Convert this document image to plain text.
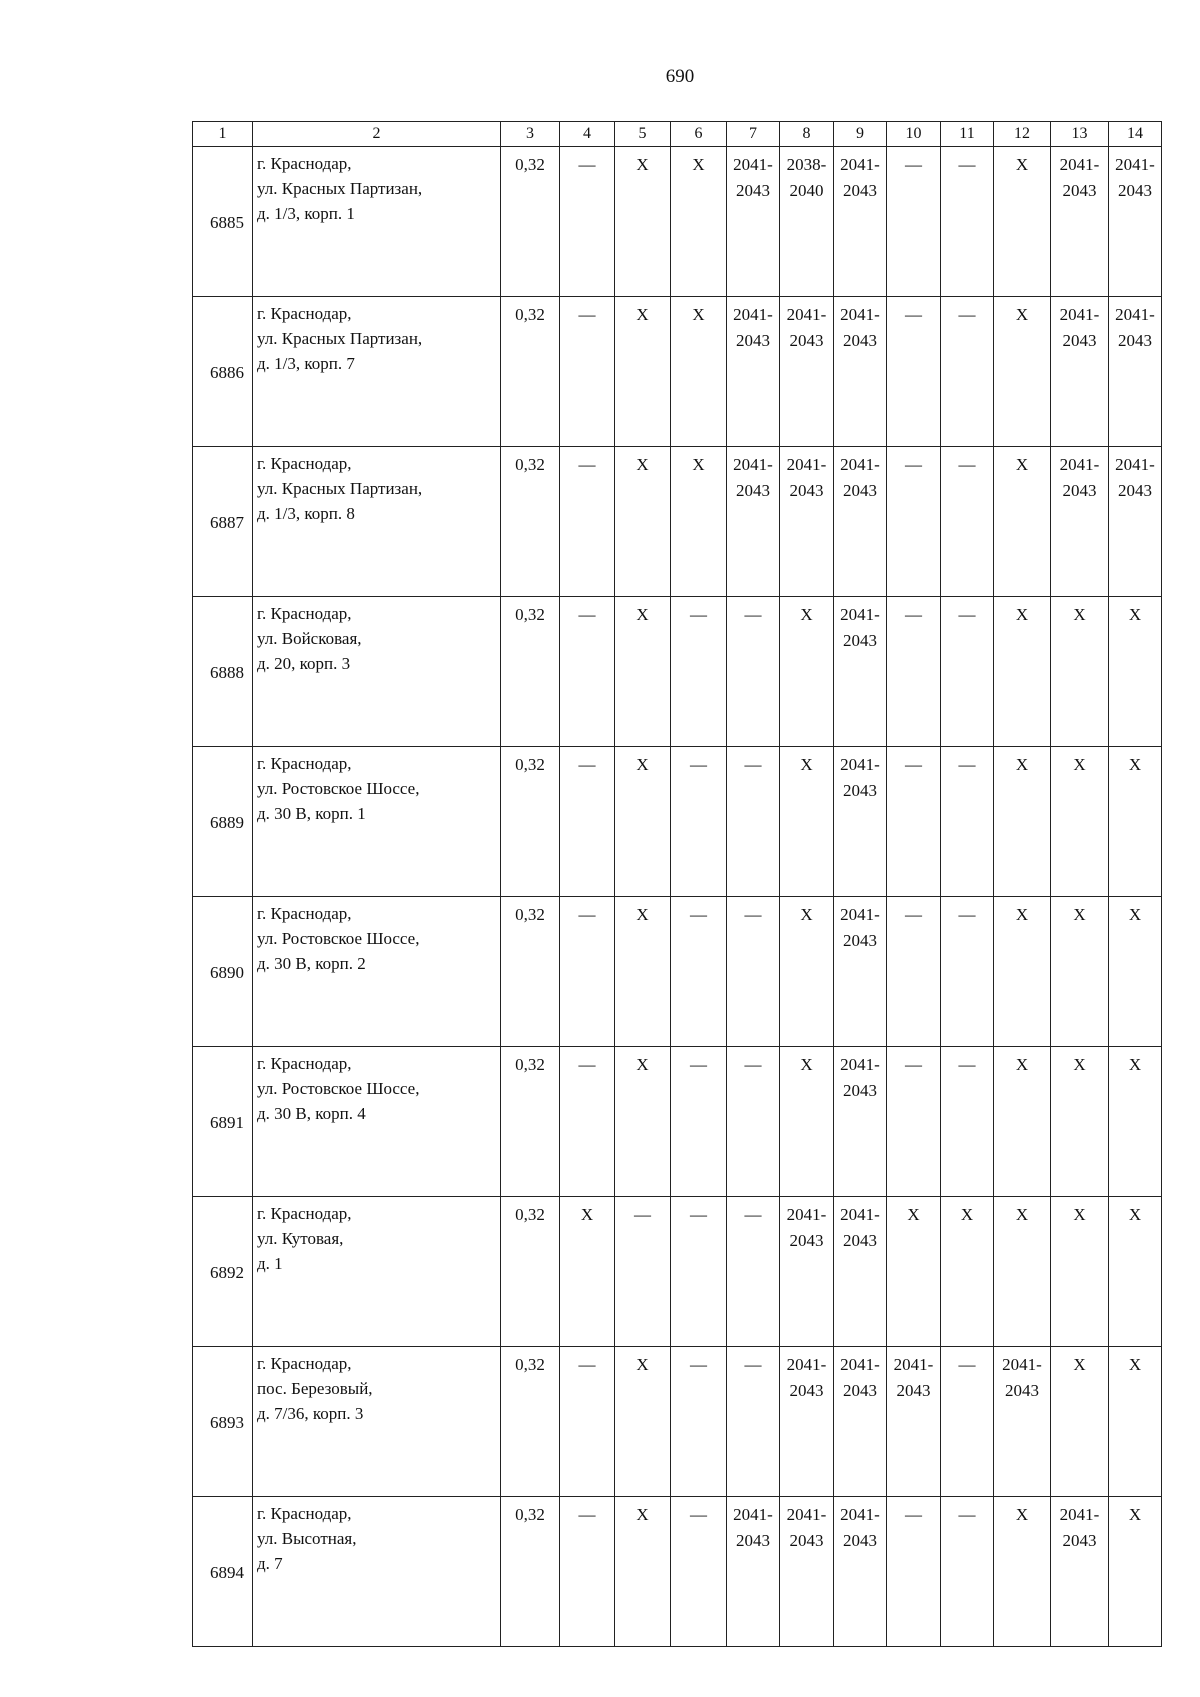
690
1	2	3	4	5	6	7	8	9	10	11	12	13	14

6885	г. Краснодар,
ул. Красных Партизан,
д. 1/3, корп. 1	0,32	—	X	X	2041-
2043	2038-
2040	2041-
2043	—	—	X	2041-
2043	2041-
2043

6886	г. Краснодар,
ул. Красных Партизан,
д. 1/3, корп. 7	0,32	—	X	X	2041-
2043	2041-
2043	2041-
2043	—	—	X	2041-
2043	2041-
2043

6887	г. Краснодар,
ул. Красных Партизан,
д. 1/3, корп. 8	0,32	—	X	X	2041-
2043	2041-
2043	2041-
2043	—	—	X	2041-
2043	2041-
2043

6888	г. Краснодар,
ул. Войсковая,
д. 20, корп. 3	0,32	—	X	—	—	X	2041-
2043	—	—	X	X	X

6889	г. Краснодар,
ул. Ростовское Шоссе,
д. 30 В, корп. 1	0,32	—	X	—	—	X	2041-
2043	—	—	X	X	X

6890	г. Краснодар,
ул. Ростовское Шоссе,
д. 30 В, корп. 2	0,32	—	X	—	—	X	2041-
2043	—	—	X	X	X

6891	г. Краснодар,
ул. Ростовское Шоссе,
д. 30 В, корп. 4	0,32	—	X	—	—	X	2041-
2043	—	—	X	X	X

6892	г. Краснодар,
ул. Кутовая,
д. 1	0,32	X	—	—	—	2041-
2043	2041-
2043	X	X	X	X	X

6893	г. Краснодар,
пос. Березовый,
д. 7/36, корп. 3	0,32	—	X	—	—	2041-
2043	2041-
2043	2041-
2043	—	2041-
2043	X	X

6894	г. Краснодар,
ул. Высотная,
д. 7	0,32	—	X	—	2041-
2043	2041-
2043	2041-
2043	—	—	X	2041-
2043	X
